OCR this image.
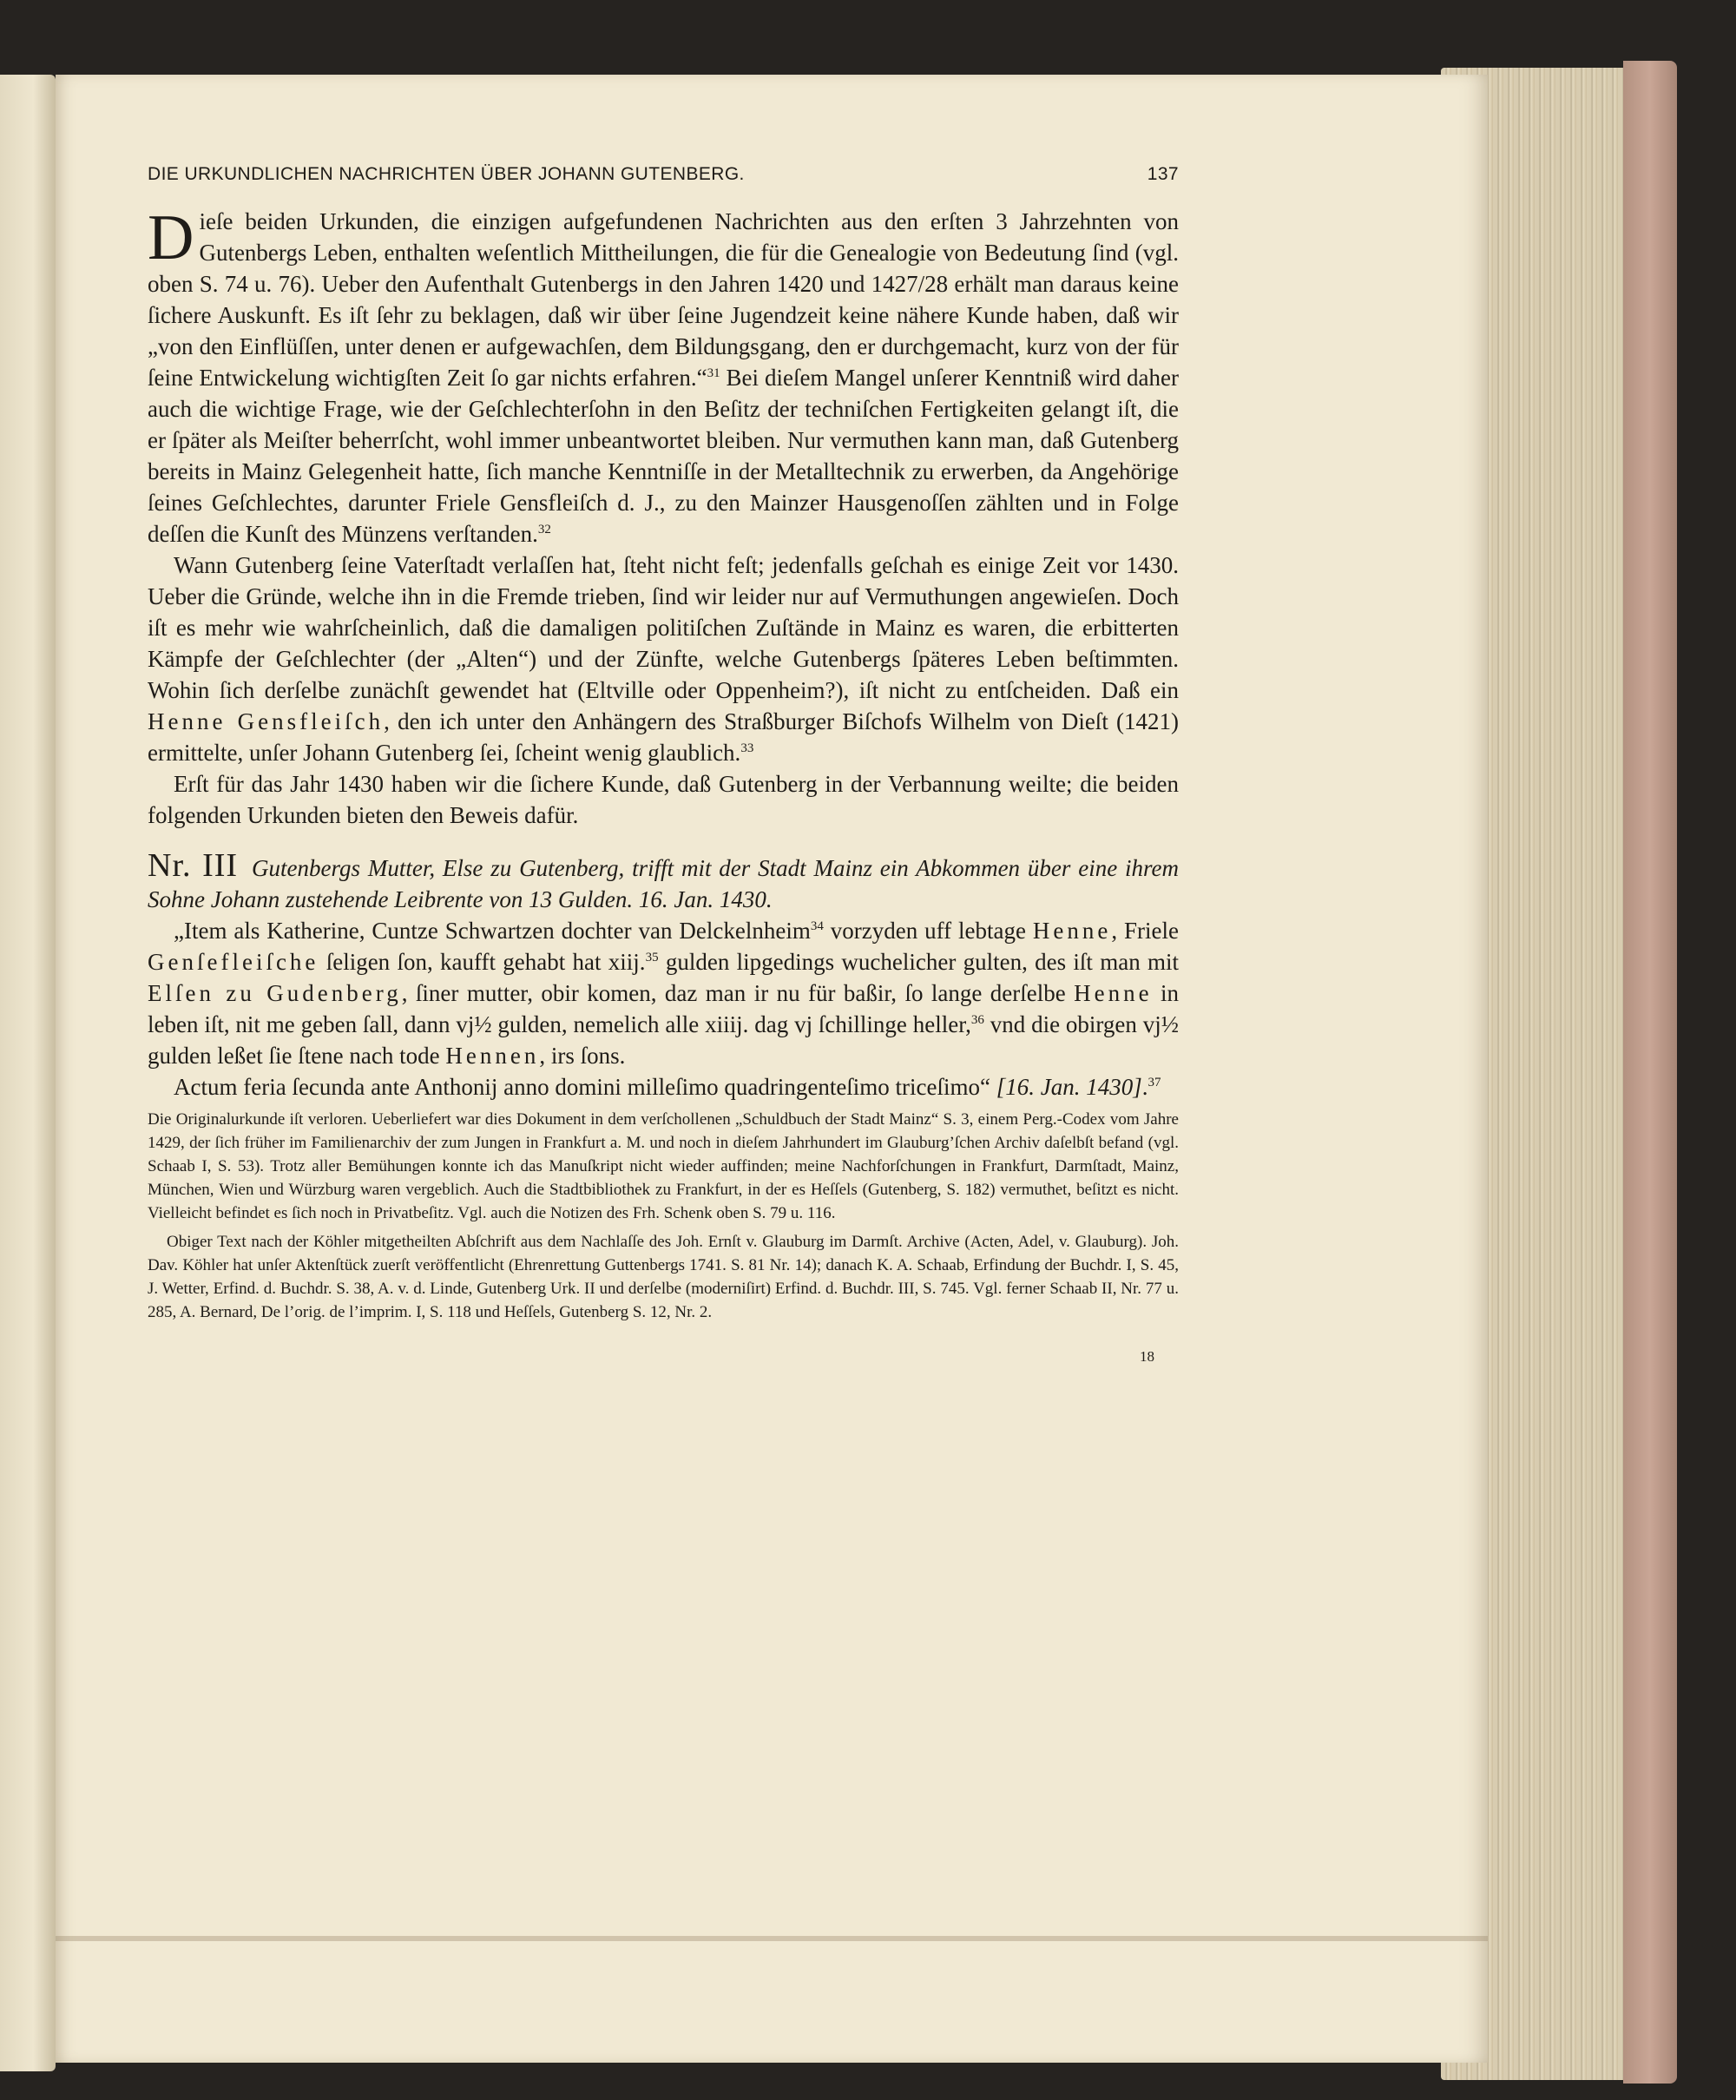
DIE URKUNDLICHEN NACHRICHTEN ÜBER JOHANN GUTENBERG.	137

Dieſe beiden Urkunden, die einzigen aufgefundenen Nachrichten aus den erſten 3 Jahrzehnten von Gutenbergs Leben, enthalten weſentlich Mittheilungen, die für die Genealogie von Bedeutung ſind (vgl. oben S. 74 u. 76). Ueber den Aufenthalt Gutenbergs in den Jahren 1420 und 1427/28 erhält man daraus keine ſichere Auskunft. Es iſt ſehr zu beklagen, daß wir über ſeine Jugendzeit keine nähere Kunde haben, daß wir „von den Einflüſſen, unter denen er aufgewachſen, dem Bildungsgang, den er durchgemacht, kurz von der für ſeine Entwickelung wichtigſten Zeit ſo gar nichts erfahren.“$^{31}$ Bei dieſem Mangel unſerer Kenntniß wird daher auch die wichtige Frage, wie der Geſchlechterſohn in den Beſitz der techniſchen Fertigkeiten gelangt iſt, die er ſpäter als Meiſter beherrſcht, wohl immer unbeantwortet bleiben. Nur vermuthen kann man, daß Gutenberg bereits in Mainz Gelegenheit hatte, ſich manche Kenntniſſe in der Metalltechnik zu erwerben, da Angehörige ſeines Geſchlechtes, darunter Friele Gensfleiſch d. J., zu den Mainzer Hausgenoſſen zählten und in Folge deſſen die Kunſt des Münzens verſtanden.$^{32}$

Wann Gutenberg ſeine Vaterſtadt verlaſſen hat, ſteht nicht feſt; jedenfalls geſchah es einige Zeit vor 1430. Ueber die Gründe, welche ihn in die Fremde trieben, ſind wir leider nur auf Vermuthungen angewieſen. Doch iſt es mehr wie wahrſcheinlich, daß die damaligen politiſchen Zuſtände in Mainz es waren, die erbitterten Kämpfe der Geſchlechter (der „Alten“) und der Zünfte, welche Gutenbergs ſpäteres Leben beſtimmten. Wohin ſich derſelbe zunächſt gewendet hat (Eltville oder Oppenheim?), iſt nicht zu entſcheiden. Daß ein Henne Gensfleiſch, den ich unter den Anhängern des Straßburger Biſchofs Wilhelm von Dieſt (1421) ermittelte, unſer Johann Gutenberg ſei, ſcheint wenig glaublich.$^{33}$

Erſt für das Jahr 1430 haben wir die ſichere Kunde, daß Gutenberg in der Verbannung weilte; die beiden folgenden Urkunden bieten den Beweis dafür.

Nr. III Gutenbergs Mutter, Else zu Gutenberg, trifft mit der Stadt Mainz ein Abkommen über eine ihrem Sohne Johann zustehende Leibrente von 13 Gulden. 16. Jan. 1430.

„Item als Katherine, Cuntze Schwartzen dochter van Delckelnheim$^{34}$ vorzyden uff lebtage Henne, Friele Genſefleiſche ſeligen ſon, kaufft gehabt hat xiij.$^{35}$ gulden lipgedings wuchelicher gulten, des iſt man mit Elſen zu Gudenberg, ſiner mutter, obir komen, daz man ir nu für baßir, ſo lange derſelbe Henne in leben iſt, nit me geben ſall, dann vj½ gulden, nemelich alle xiiij. dag vj ſchillinge heller,$^{36}$ vnd die obirgen vj½ gulden leßet ſie ſtene nach tode Hennen, irs ſons.

Actum feria ſecunda ante Anthonij anno domini milleſimo quadringenteſimo triceſimo“ [16. Jan. 1430].$^{37}$

Die Originalurkunde iſt verloren. Ueberliefert war dies Dokument in dem verſchollenen „Schuldbuch der Stadt Mainz“ S. 3, einem Perg.-Codex vom Jahre 1429, der ſich früher im Familienarchiv der zum Jungen in Frankfurt a. M. und noch in dieſem Jahrhundert im Glauburg’ſchen Archiv daſelbſt befand (vgl. Schaab I, S. 53). Trotz aller Bemühungen konnte ich das Manuſkript nicht wieder auffinden; meine Nachforſchungen in Frankfurt, Darmſtadt, Mainz, München, Wien und Würzburg waren vergeblich. Auch die Stadtbibliothek zu Frankfurt, in der es Heſſels (Gutenberg, S. 182) vermuthet, beſitzt es nicht. Vielleicht befindet es ſich noch in Privatbeſitz. Vgl. auch die Notizen des Frh. Schenk oben S. 79 u. 116.

Obiger Text nach der Köhler mitgetheilten Abſchrift aus dem Nachlaſſe des Joh. Ernſt v. Glauburg im Darmſt. Archive (Acten, Adel, v. Glauburg). Joh. Dav. Köhler hat unſer Aktenſtück zuerſt veröffentlicht (Ehrenrettung Guttenbergs 1741. S. 81 Nr. 14); danach K. A. Schaab, Erfindung der Buchdr. I, S. 45, J. Wetter, Erfind. d. Buchdr. S. 38, A. v. d. Linde, Gutenberg Urk. II und derſelbe (moderniſirt) Erfind. d. Buchdr. III, S. 745. Vgl. ferner Schaab II, Nr. 77 u. 285, A. Bernard, De l’orig. de l’imprim. I, S. 118 und Heſſels, Gutenberg S. 12, Nr. 2.

18
